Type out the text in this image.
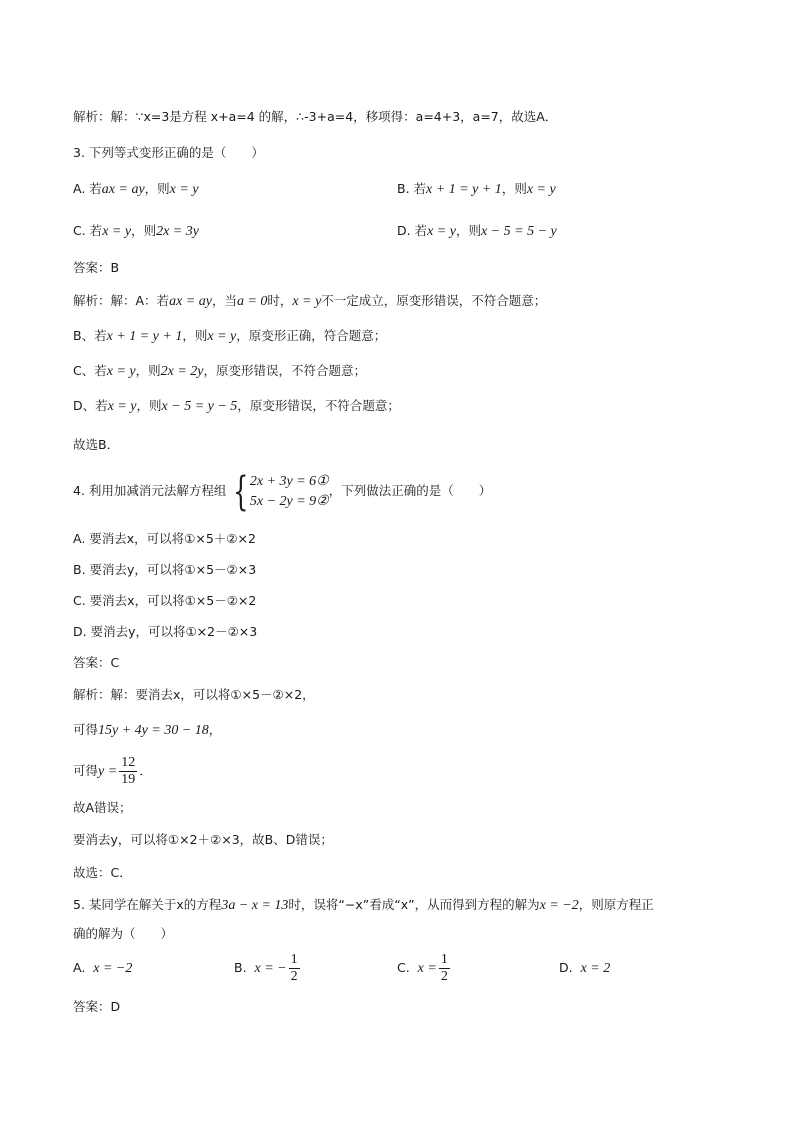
解析：解：∵x=3是方程 x+a=4 的解，∴-3+a=4，移项得：a=4+3，a=7，故选A．
3. 下列等式变形正确的是（　　）
A. 若ax = ay，则x = y	B. 若x + 1 = y + 1，则x = y
C. 若x = y，则2x = 3y	D. 若x = y，则x − 5 = 5 − y
答案：B
解析：解：A：若ax = ay，当a = 0时，x = y不一定成立，原变形错误，不符合题意；
B、若x + 1 = y + 1，则x = y，原变形正确，符合题意；
C、若x = y，则2x = 2y，原变形错误，不符合题意；
D、若x = y，则x − 5 = y − 5，原变形错误，不符合题意；
故选B．
4. 利用加减消元法解方程组 { 2x + 3y = 6①
5x − 2y = 9②
，下列做法正确的是（　　）
A. 要消去x，可以将①×5＋②×2
B. 要消去y，可以将①×5－②×3
C. 要消去x，可以将①×5－②×2
D. 要消去y，可以将①×2－②×3
答案：C
解析：解：要消去x，可以将①×5－②×2，
可得15y + 4y = 30 − 18，
可得$y = \frac{12}{19}$ ．
故A错误；
要消去y，可以将①×2＋②×3，故B、D错误；
故选：C．
5. 某同学在解关于x的方程3a − x = 13时，误将“−x”看成“x”，从而得到方程的解为x = −2，则原方程正
确的解为（　　）
A. x = −2	B. x = − $\frac{1}{2}$	C. $x = \frac{1}{2}$	D. x = 2
答案：D
